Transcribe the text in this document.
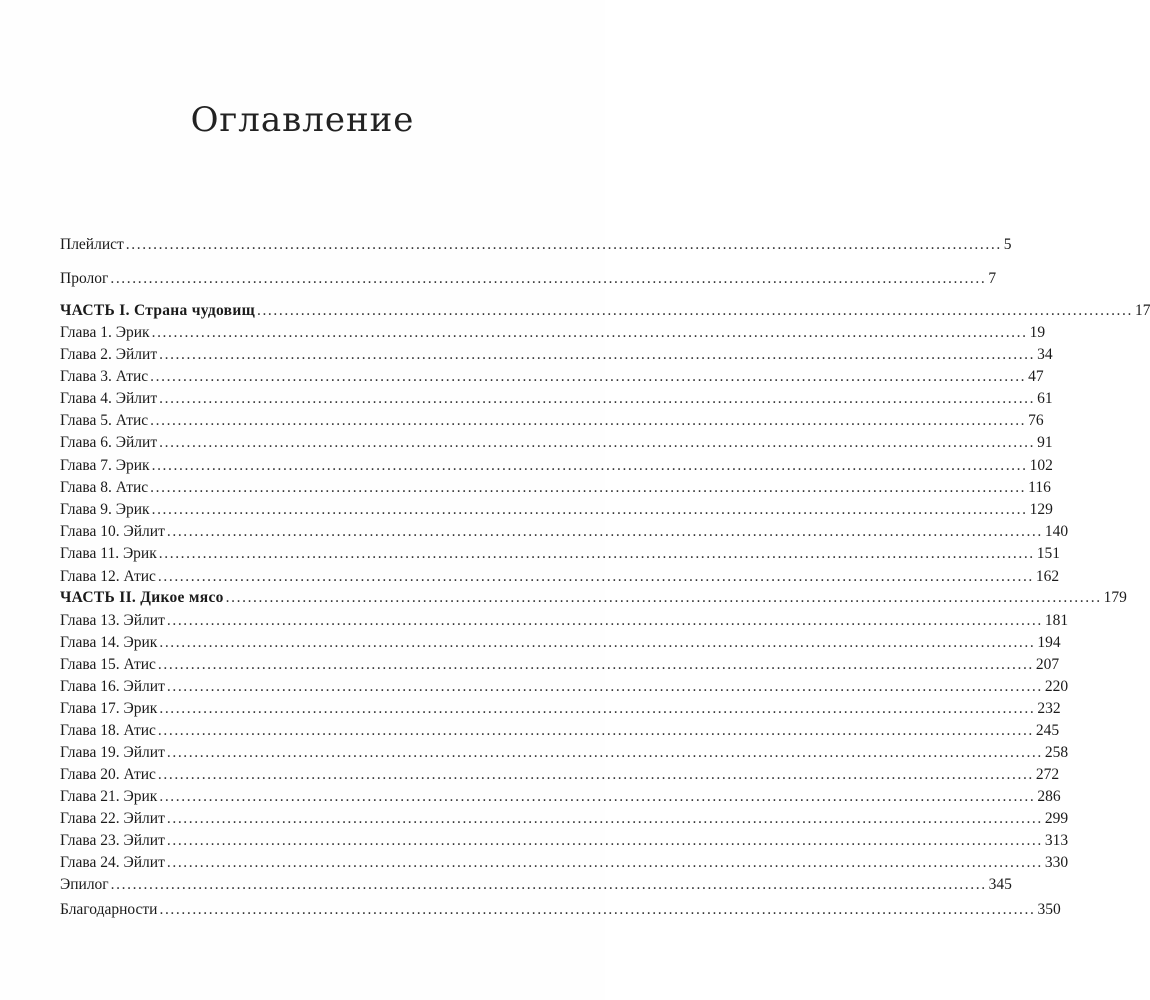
Оглавление
Плейлист ................................................................................................................................................................ 5
Пролог ................................................................................................................................................................ 7
ЧАСТЬ I. Страна чудовищ ................................................................................................................................................................ 17
Глава 1. Эрик ................................................................................................................................................................ 19
Глава 2. Эйлит ................................................................................................................................................................ 34
Глава 3. Атис ................................................................................................................................................................ 47
Глава 4. Эйлит ................................................................................................................................................................ 61
Глава 5. Атис ................................................................................................................................................................ 76
Глава 6. Эйлит ................................................................................................................................................................ 91
Глава 7. Эрик ................................................................................................................................................................ 102
Глава 8. Атис ................................................................................................................................................................ 116
Глава 9. Эрик ................................................................................................................................................................ 129
Глава 10. Эйлит ................................................................................................................................................................ 140
Глава 11. Эрик ................................................................................................................................................................ 151
Глава 12. Атис ................................................................................................................................................................ 162
ЧАСТЬ II. Дикое мясо ................................................................................................................................................................ 179
Глава 13. Эйлит ................................................................................................................................................................ 181
Глава 14. Эрик ................................................................................................................................................................ 194
Глава 15. Атис ................................................................................................................................................................ 207
Глава 16. Эйлит ................................................................................................................................................................ 220
Глава 17. Эрик ................................................................................................................................................................ 232
Глава 18. Атис ................................................................................................................................................................ 245
Глава 19. Эйлит ................................................................................................................................................................ 258
Глава 20. Атис ................................................................................................................................................................ 272
Глава 21. Эрик ................................................................................................................................................................ 286
Глава 22. Эйлит ................................................................................................................................................................ 299
Глава 23. Эйлит ................................................................................................................................................................ 313
Глава 24. Эйлит ................................................................................................................................................................ 330
Эпилог ................................................................................................................................................................ 345
Благодарности ................................................................................................................................................................ 350
